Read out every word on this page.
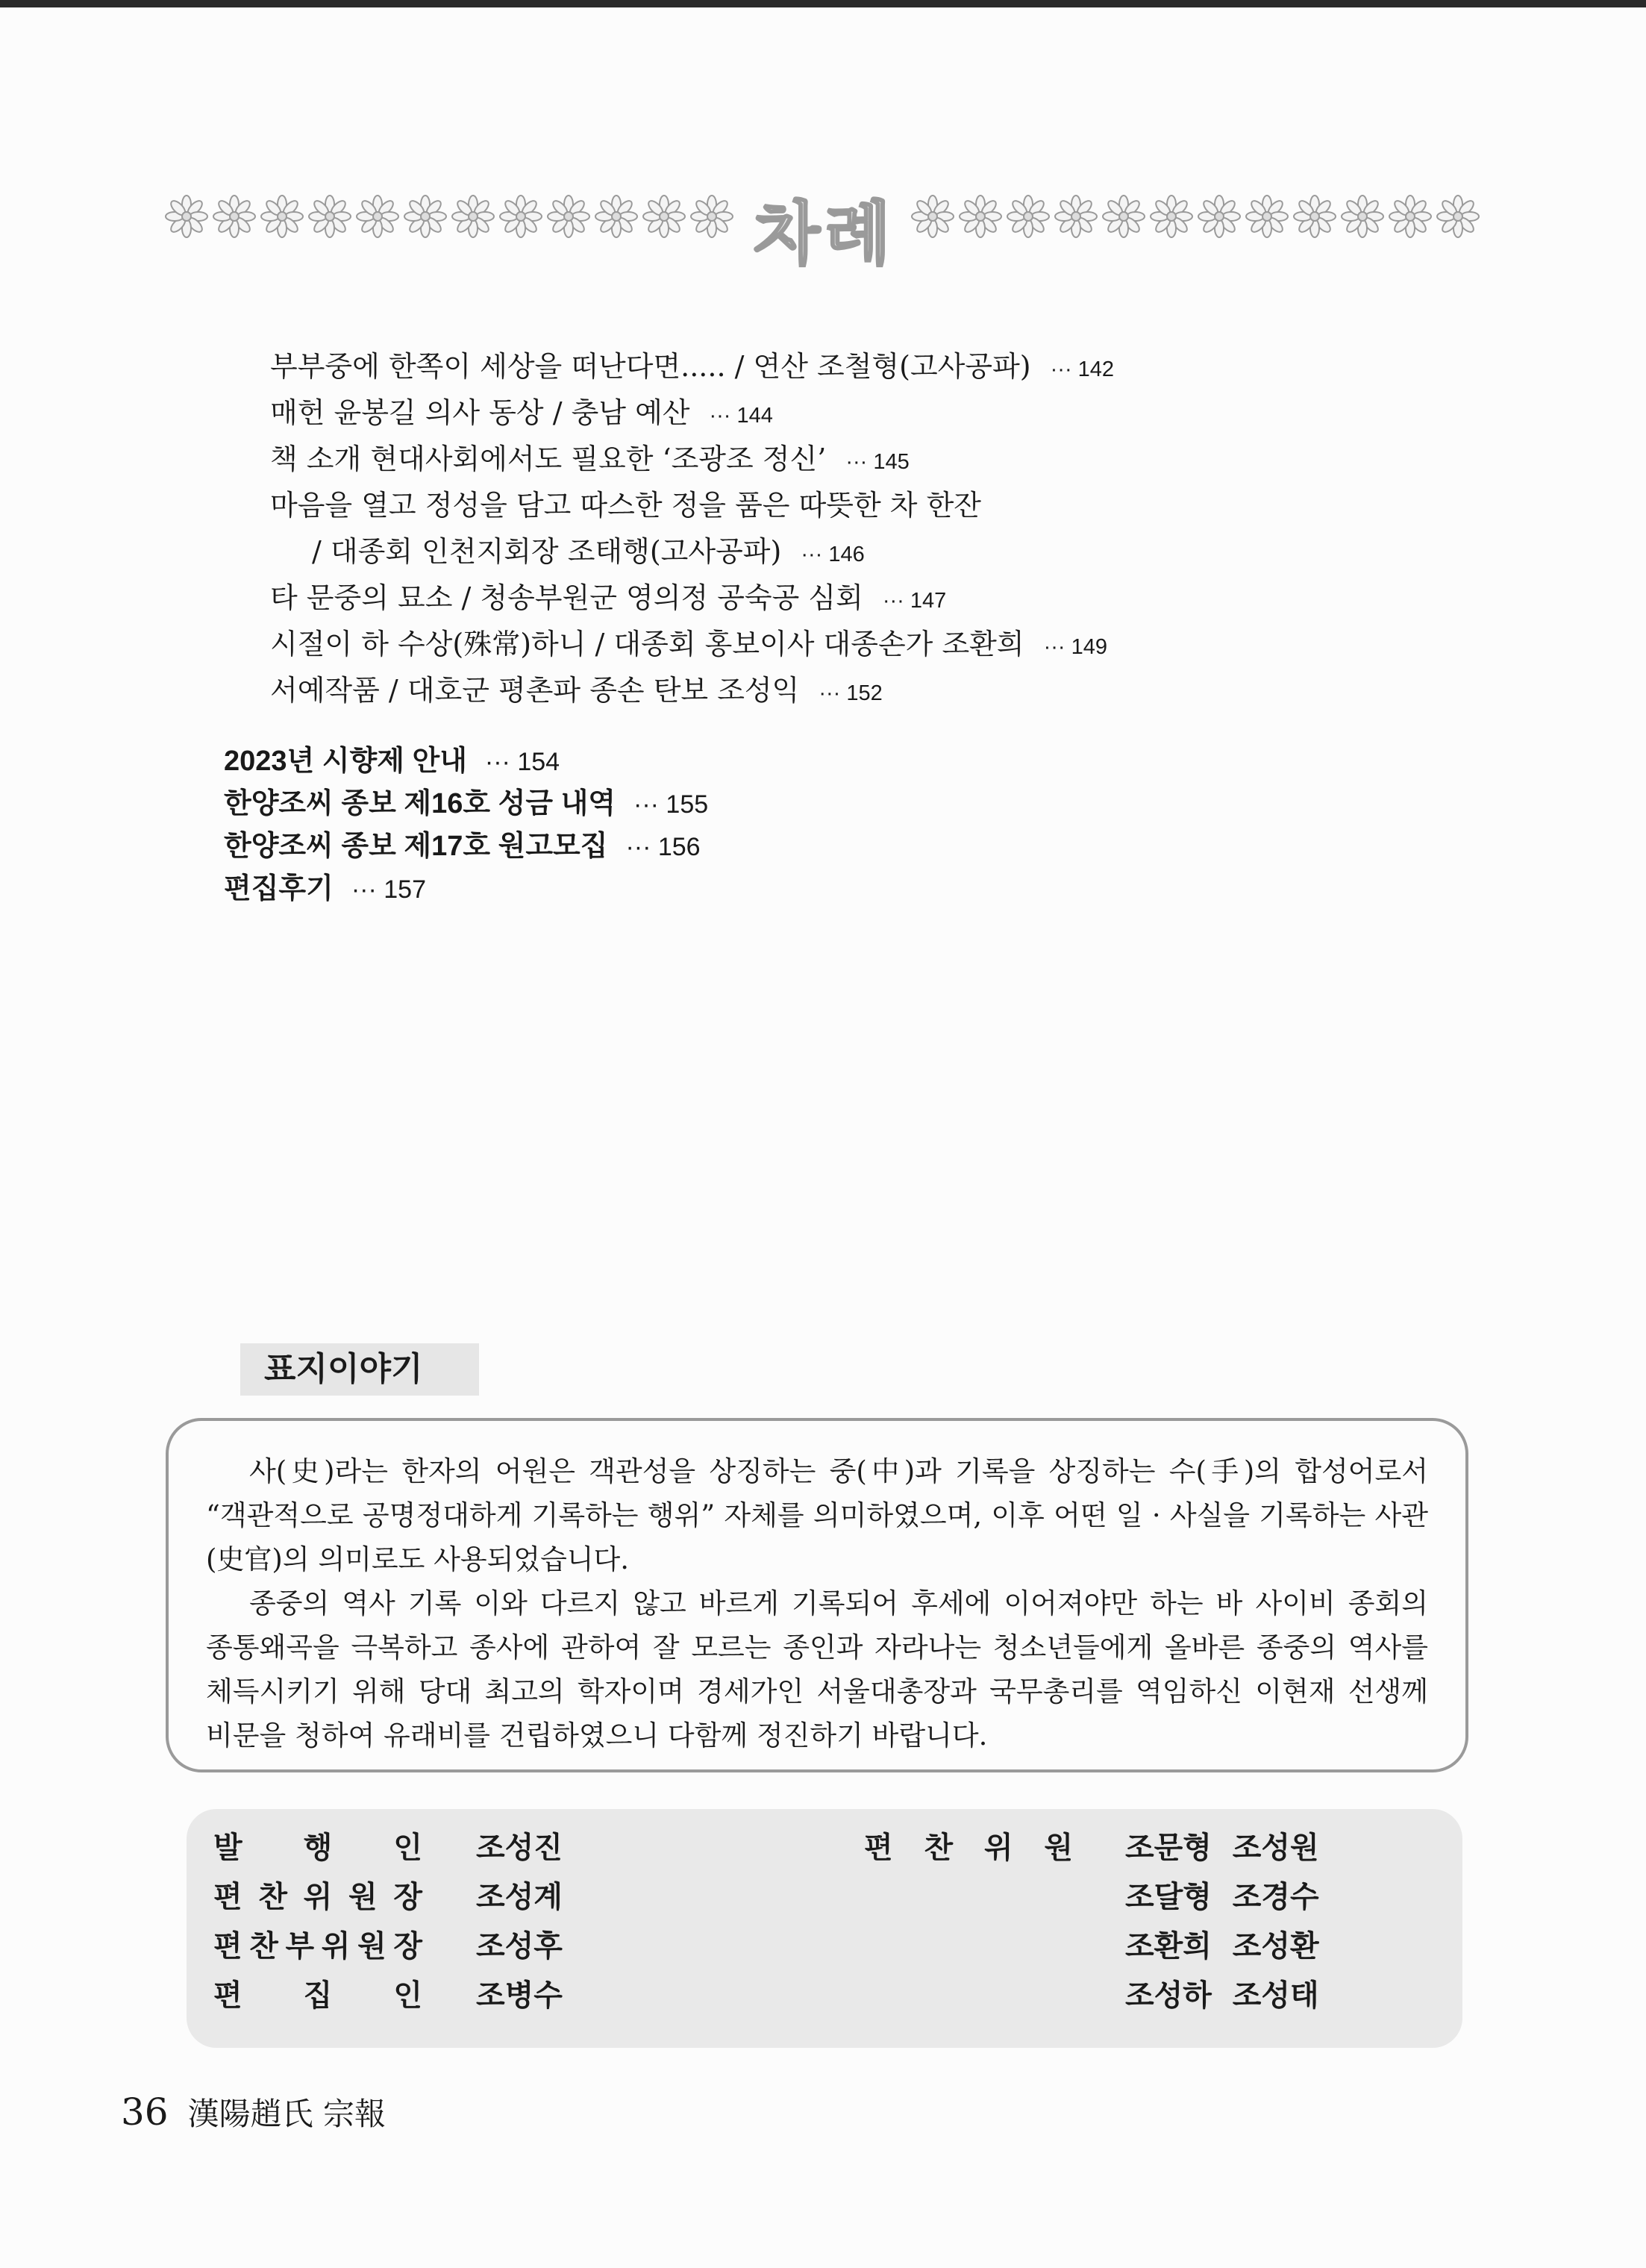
차례
부부중에 한쪽이 세상을 떠난다면..... / 연산 조철형(고사공파) ··· 142
매헌 윤봉길 의사 동상 / 충남 예산 ··· 144
책 소개 현대사회에서도 필요한 ‘조광조 정신’ ··· 145
마음을 열고 정성을 담고 따스한 정을 품은 따뜻한 차 한잔
/ 대종회 인천지회장 조태행(고사공파) ··· 146
타 문중의 묘소 / 청송부원군 영의정 공숙공 심회 ··· 147
시절이 하 수상(殊常)하니 / 대종회 홍보이사 대종손가 조환희 ··· 149
서예작품 / 대호군 평촌파 종손 탄보 조성익 ··· 152
2023년 시향제 안내 ··· 154
한양조씨 종보 제16호 성금 내역 ··· 155
한양조씨 종보 제17호 원고모집 ··· 156
편집후기 ··· 157
표지이야기

사(史)라는 한자의 어원은 객관성을 상징하는 중(中)과 기록을 상징하는 수(手)의 합성어로서 “객관적으로 공명정대하게 기록하는 행위” 자체를 의미하였으며, 이후 어떤 일 · 사실을 기록하는 사관(史官)의 의미로도 사용되었습니다.

종중의 역사 기록 이와 다르지 않고 바르게 기록되어 후세에 이어져야만 하는 바 사이비 종회의 종통왜곡을 극복하고 종사에 관하여 잘 모르는 종인과 자라나는 청소년들에게 올바른 종중의 역사를 체득시키기 위해 당대 최고의 학자이며 경세가인 서울대총장과 국무총리를 역임하신 이현재 선생께 비문을 청하여 유래비를 건립하였으니 다함께 정진하기 바랍니다.

발 행 인 조성진
편 찬 위 원 장 조성계
편 찬 부 위 원 장 조성후
편 집 인 조병수
편 찬 위 원 조문형 조성원
조달형 조경수
조환희 조성환
조성하 조성태
36 漢陽趙氏 宗報
